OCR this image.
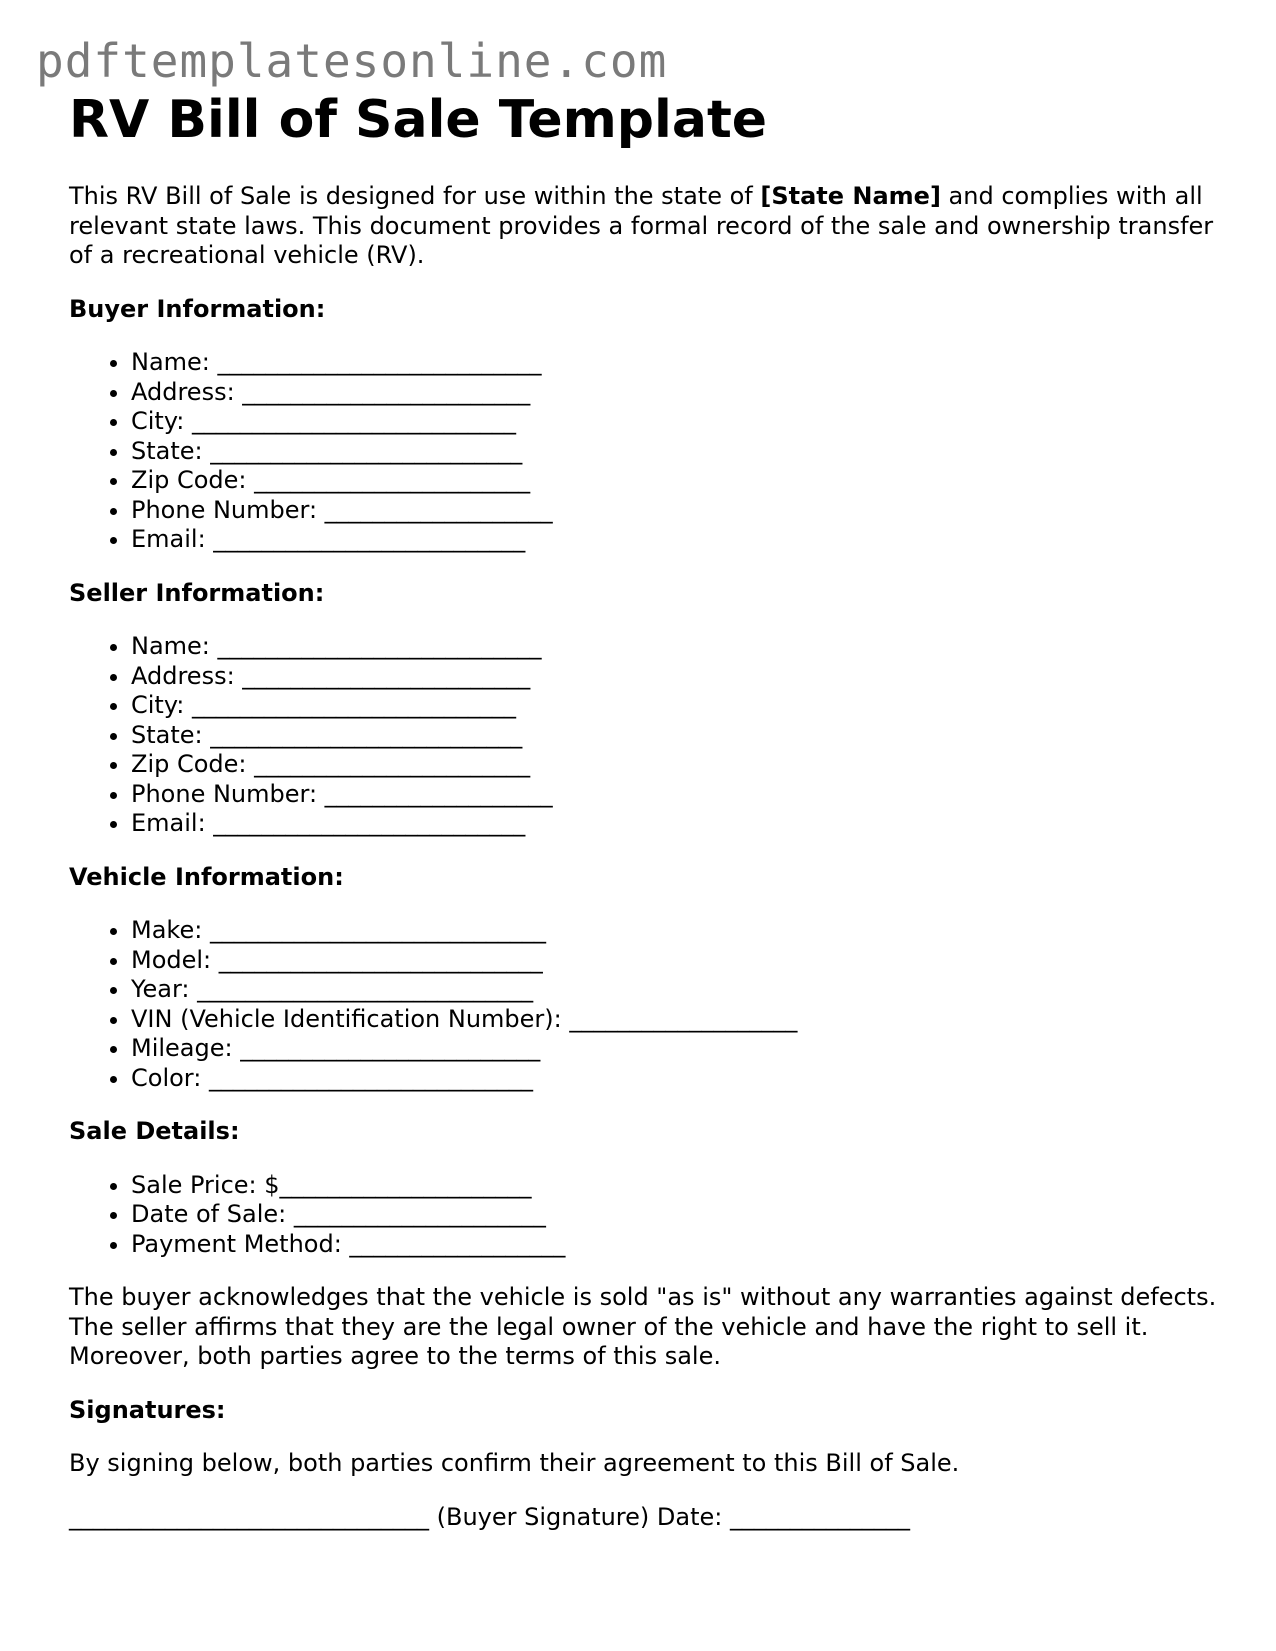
pdftemplatesonline.com
RV Bill of Sale Template

This RV Bill of Sale is designed for use within the state of [State Name] and complies with all relevant state laws. This document provides a formal record of the sale and ownership transfer of a recreational vehicle (RV).

Buyer Information:
• Name: ___________________________
• Address: ________________________
• City: ___________________________
• State: __________________________
• Zip Code: _______________________
• Phone Number: ___________________
• Email: __________________________
Seller Information:
• Name: ___________________________
• Address: ________________________
• City: ___________________________
• State: __________________________
• Zip Code: _______________________
• Phone Number: ___________________
• Email: __________________________
Vehicle Information:
• Make: ____________________________
• Model: ___________________________
• Year: ____________________________
• VIN (Vehicle Identification Number): ___________________
• Mileage: _________________________
• Color: ___________________________
Sale Details:
• Sale Price: $_____________________
• Date of Sale: _____________________
• Payment Method: __________________

The buyer acknowledges that the vehicle is sold "as is" without any warranties against defects. The seller affirms that they are the legal owner of the vehicle and have the right to sell it. Moreover, both parties agree to the terms of this sale.

Signatures:

By signing below, both parties confirm their agreement to this Bill of Sale.

______________________________ (Buyer Signature) Date: _______________
